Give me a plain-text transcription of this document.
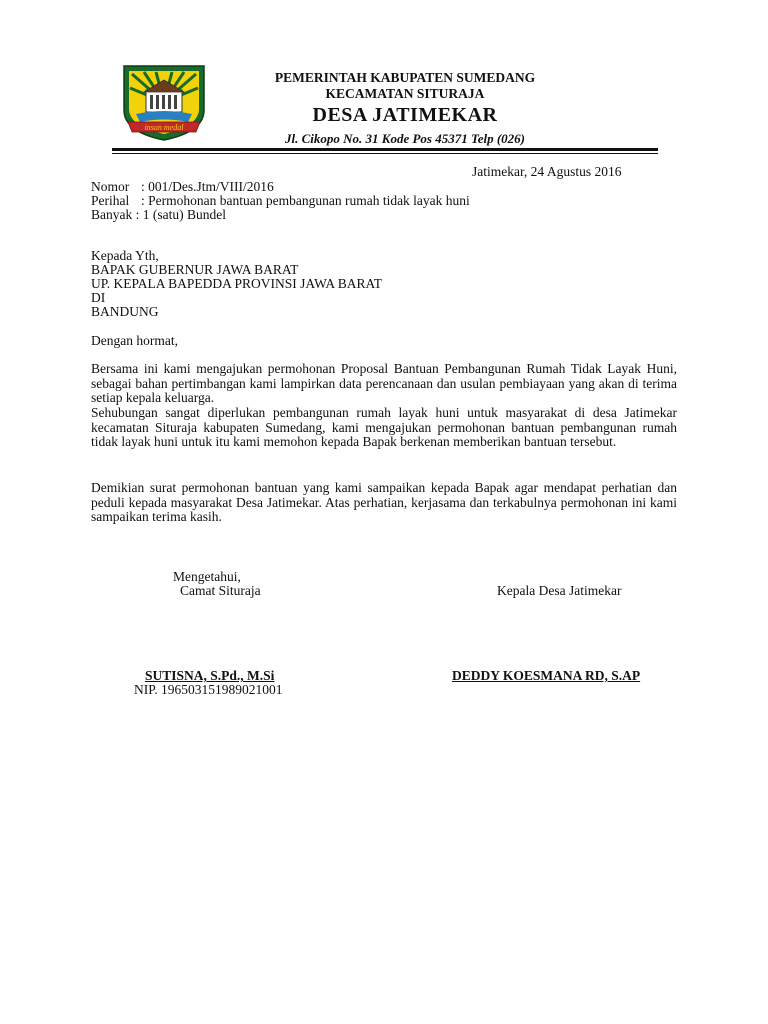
insun medal
PEMERINTAH KABUPATEN SUMEDANG
KECAMATAN SITURAJA
DESA JATIMEKAR
Jl. Cikopo No. 31 Kode Pos 45371 Telp (026)
Jatimekar, 24 Agustus 2016
Nomor : 001/Des.Jtm/VIII/2016
Perihal : Permohonan bantuan pembangunan rumah tidak layak huni
Banyak : 1 (satu) Bundel
Kepada Yth,
BAPAK GUBERNUR JAWA BARAT
UP. KEPALA BAPEDDA PROVINSI JAWA BARAT
DI
BANDUNG
Dengan hormat,
Bersama ini kami mengajukan permohonan Proposal Bantuan Pembangunan Rumah Tidak Layak Huni, sebagai bahan pertimbangan kami lampirkan data perencanaan dan usulan pembiayaan yang akan di terima setiap kepala keluarga.
Sehubungan sangat diperlukan pembangunan rumah layak huni untuk masyarakat di desa Jatimekar kecamatan Situraja kabupaten Sumedang, kami mengajukan permohonan bantuan pembangunan rumah tidak layak huni untuk itu kami memohon kepada Bapak berkenan memberikan bantuan tersebut.
Demikian surat permohonan bantuan yang kami sampaikan kepada Bapak agar mendapat perhatian dan peduli kepada masyarakat Desa Jatimekar. Atas perhatian, kerjasama dan terkabulnya permohonan ini kami sampaikan terima kasih.
Mengetahui,
Camat Situraja	Kepala Desa Jatimekar
SUTISNA, S.Pd., M.Si
NIP. 196503151989021001
DEDDY KOESMANA RD, S.AP
